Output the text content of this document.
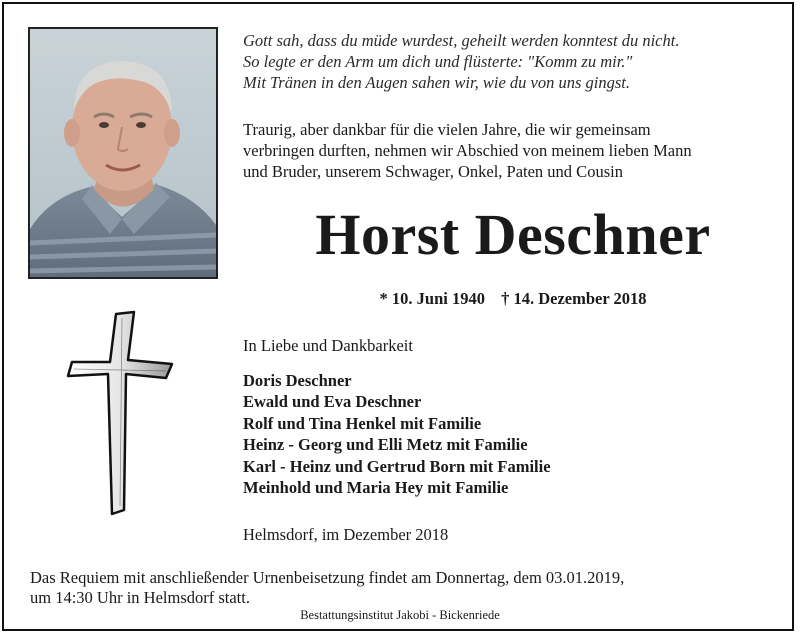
Gott sah, dass du müde wurdest, geheilt werden konntest du nicht.
So legte er den Arm um dich und flüsterte: "Komm zu mir."
Mit Tränen in den Augen sahen wir, wie du von uns gingst.
Traurig, aber dankbar für die vielen Jahre, die wir gemeinsam
verbringen durften, nehmen wir Abschied von meinem lieben Mann
und Bruder, unserem Schwager, Onkel, Paten und Cousin
Horst Deschner
* 10. Juni 1940 † 14. Dezember 2018
In Liebe und Dankbarkeit
Doris Deschner
Ewald und Eva Deschner
Rolf und Tina Henkel mit Familie
Heinz - Georg und Elli Metz mit Familie
Karl - Heinz und Gertrud Born mit Familie
Meinhold und Maria Hey mit Familie
Helmsdorf, im Dezember 2018
Das Requiem mit anschließender Urnenbeisetzung findet am Donnertag, dem 03.01.2019,
um 14:30 Uhr in Helmsdorf statt.
Bestattungsinstitut Jakobi - Bickenriede
